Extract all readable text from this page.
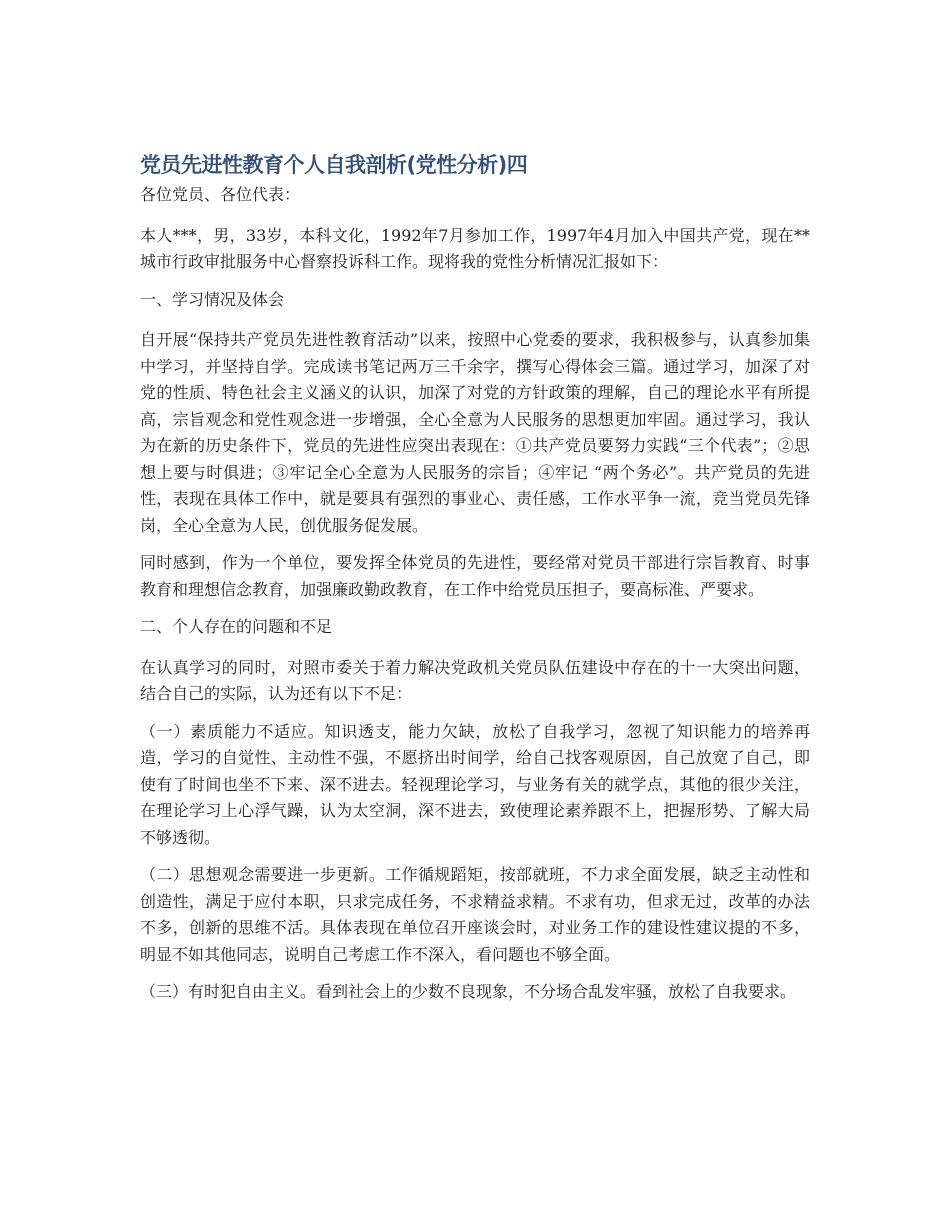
党员先进性教育个人自我剖析(党性分析)四

各位党员、各位代表：

本人***，男，33岁，本科文化，1992年7月参加工作，1997年4月加入中国共产党，现在**城市行政审批服务中心督察投诉科工作。现将我的党性分析情况汇报如下：

一、学习情况及体会

自开展“保持共产党员先进性教育活动”以来，按照中心党委的要求，我积极参与，认真参加集中学习，并坚持自学。完成读书笔记两万三千余字，撰写心得体会三篇。通过学习，加深了对党的性质、特色社会主义涵义的认识，加深了对党的方针政策的理解，自己的理论水平有所提高，宗旨观念和党性观念进一步增强，全心全意为人民服务的思想更加牢固。通过学习，我认为在新的历史条件下，党员的先进性应突出表现在：①共产党员要努力实践“三个代表”；②思想上要与时俱进；③牢记全心全意为人民服务的宗旨；④牢记 “两个务必”。共产党员的先进性，表现在具体工作中，就是要具有强烈的事业心、责任感，工作水平争一流，竞当党员先锋岗，全心全意为人民，创优服务促发展。

同时感到，作为一个单位，要发挥全体党员的先进性，要经常对党员干部进行宗旨教育、时事教育和理想信念教育，加强廉政勤政教育，在工作中给党员压担子，要高标准、严要求。

二、个人存在的问题和不足

在认真学习的同时，对照市委关于着力解决党政机关党员队伍建设中存在的十一大突出问题，结合自己的实际，认为还有以下不足：

（一）素质能力不适应。知识透支，能力欠缺，放松了自我学习，忽视了知识能力的培养再造，学习的自觉性、主动性不强，不愿挤出时间学，给自己找客观原因，自己放宽了自己，即使有了时间也坐不下来、深不进去。轻视理论学习，与业务有关的就学点，其他的很少关注，在理论学习上心浮气躁，认为太空洞，深不进去，致使理论素养跟不上，把握形势、了解大局不够透彻。

（二）思想观念需要进一步更新。工作循规蹈矩，按部就班，不力求全面发展，缺乏主动性和创造性，满足于应付本职，只求完成任务，不求精益求精。不求有功，但求无过，改革的办法不多，创新的思维不活。具体表现在单位召开座谈会时，对业务工作的建设性建议提的不多，明显不如其他同志，说明自己考虑工作不深入，看问题也不够全面。

（三）有时犯自由主义。看到社会上的少数不良现象，不分场合乱发牢骚，放松了自我要求。
